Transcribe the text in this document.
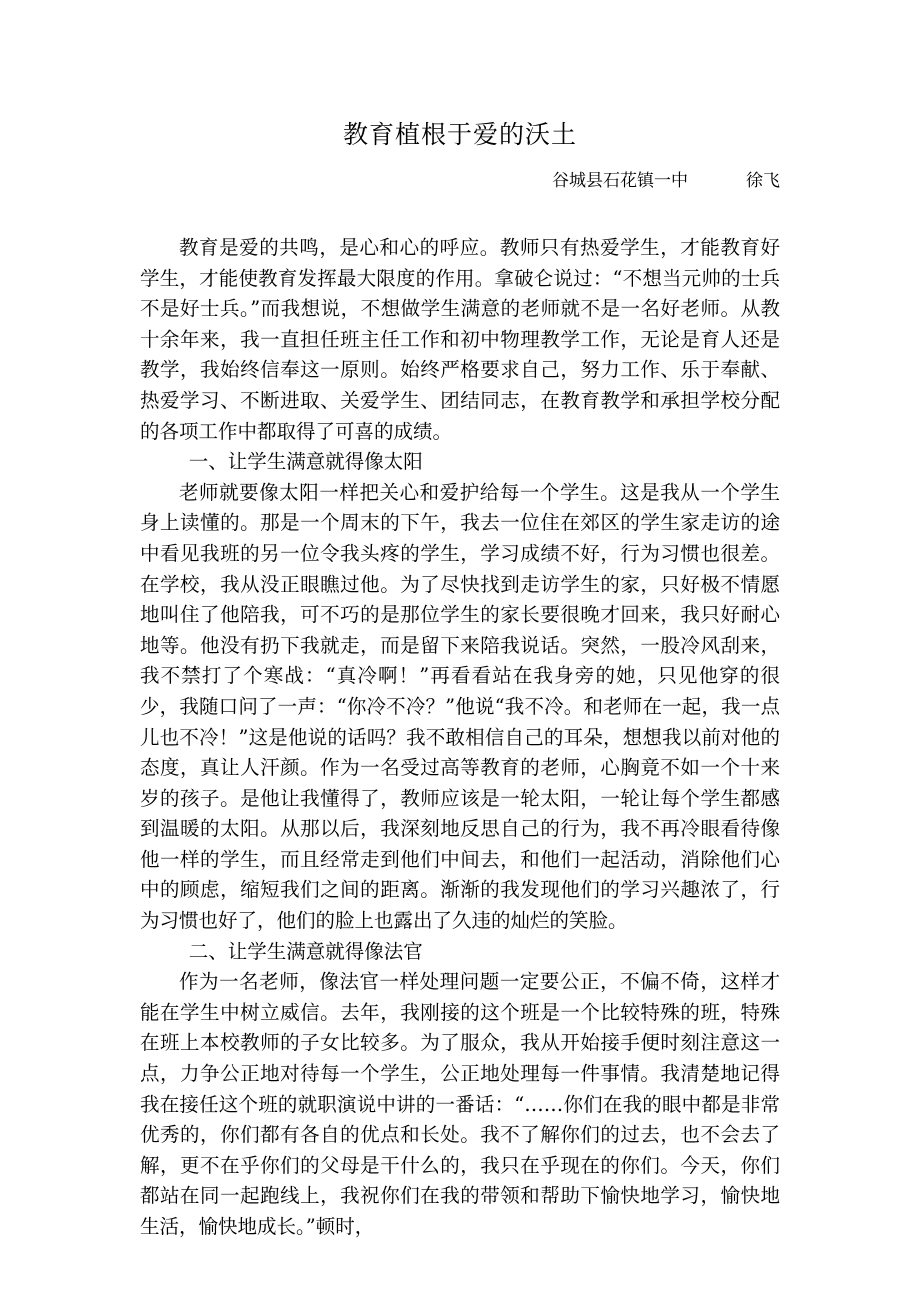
教育植根于爱的沃土
谷城县石花镇一中	徐飞

教育是爱的共鸣，是心和心的呼应。教师只有热爱学生，才能教育好学生，才能使教育发挥最大限度的作用。拿破仑说过：“不想当元帅的士兵不是好士兵。”而我想说，不想做学生满意的老师就不是一名好老师。从教十余年来，我一直担任班主任工作和初中物理教学工作，无论是育人还是教学，我始终信奉这一原则。始终严格要求自己，努力工作、乐于奉献、热爱学习、不断进取、关爱学生、团结同志，在教育教学和承担学校分配的各项工作中都取得了可喜的成绩。

一、让学生满意就得像太阳

老师就要像太阳一样把关心和爱护给每一个学生。这是我从一个学生身上读懂的。那是一个周末的下午，我去一位住在郊区的学生家走访的途中看见我班的另一位令我头疼的学生，学习成绩不好，行为习惯也很差。在学校，我从没正眼瞧过他。为了尽快找到走访学生的家，只好极不情愿地叫住了他陪我，可不巧的是那位学生的家长要很晚才回来，我只好耐心地等。他没有扔下我就走，而是留下来陪我说话。突然，一股冷风刮来，我不禁打了个寒战：“真冷啊！”再看看站在我身旁的她，只见他穿的很少，我随口问了一声：“你冷不冷？”他说“我不冷。和老师在一起，我一点儿也不冷！”这是他说的话吗？我不敢相信自己的耳朵，想想我以前对他的态度，真让人汗颜。作为一名受过高等教育的老师，心胸竟不如一个十来岁的孩子。是他让我懂得了，教师应该是一轮太阳，一轮让每个学生都感到温暖的太阳。从那以后，我深刻地反思自己的行为，我不再冷眼看待像他一样的学生，而且经常走到他们中间去，和他们一起活动，消除他们心中的顾虑，缩短我们之间的距离。渐渐的我发现他们的学习兴趣浓了，行为习惯也好了，他们的脸上也露出了久违的灿烂的笑脸。

二、让学生满意就得像法官

作为一名老师，像法官一样处理问题一定要公正，不偏不倚，这样才能在学生中树立威信。去年，我刚接的这个班是一个比较特殊的班，特殊在班上本校教师的子女比较多。为了服众，我从开始接手便时刻注意这一点，力争公正地对待每一个学生，公正地处理每一件事情。我清楚地记得我在接任这个班的就职演说中讲的一番话：“……你们在我的眼中都是非常优秀的，你们都有各自的优点和长处。我不了解你们的过去，也不会去了解，更不在乎你们的父母是干什么的，我只在乎现在的你们。今天，你们都站在同一起跑线上，我祝你们在我的带领和帮助下愉快地学习，愉快地生活，愉快地成长。”顿时，
